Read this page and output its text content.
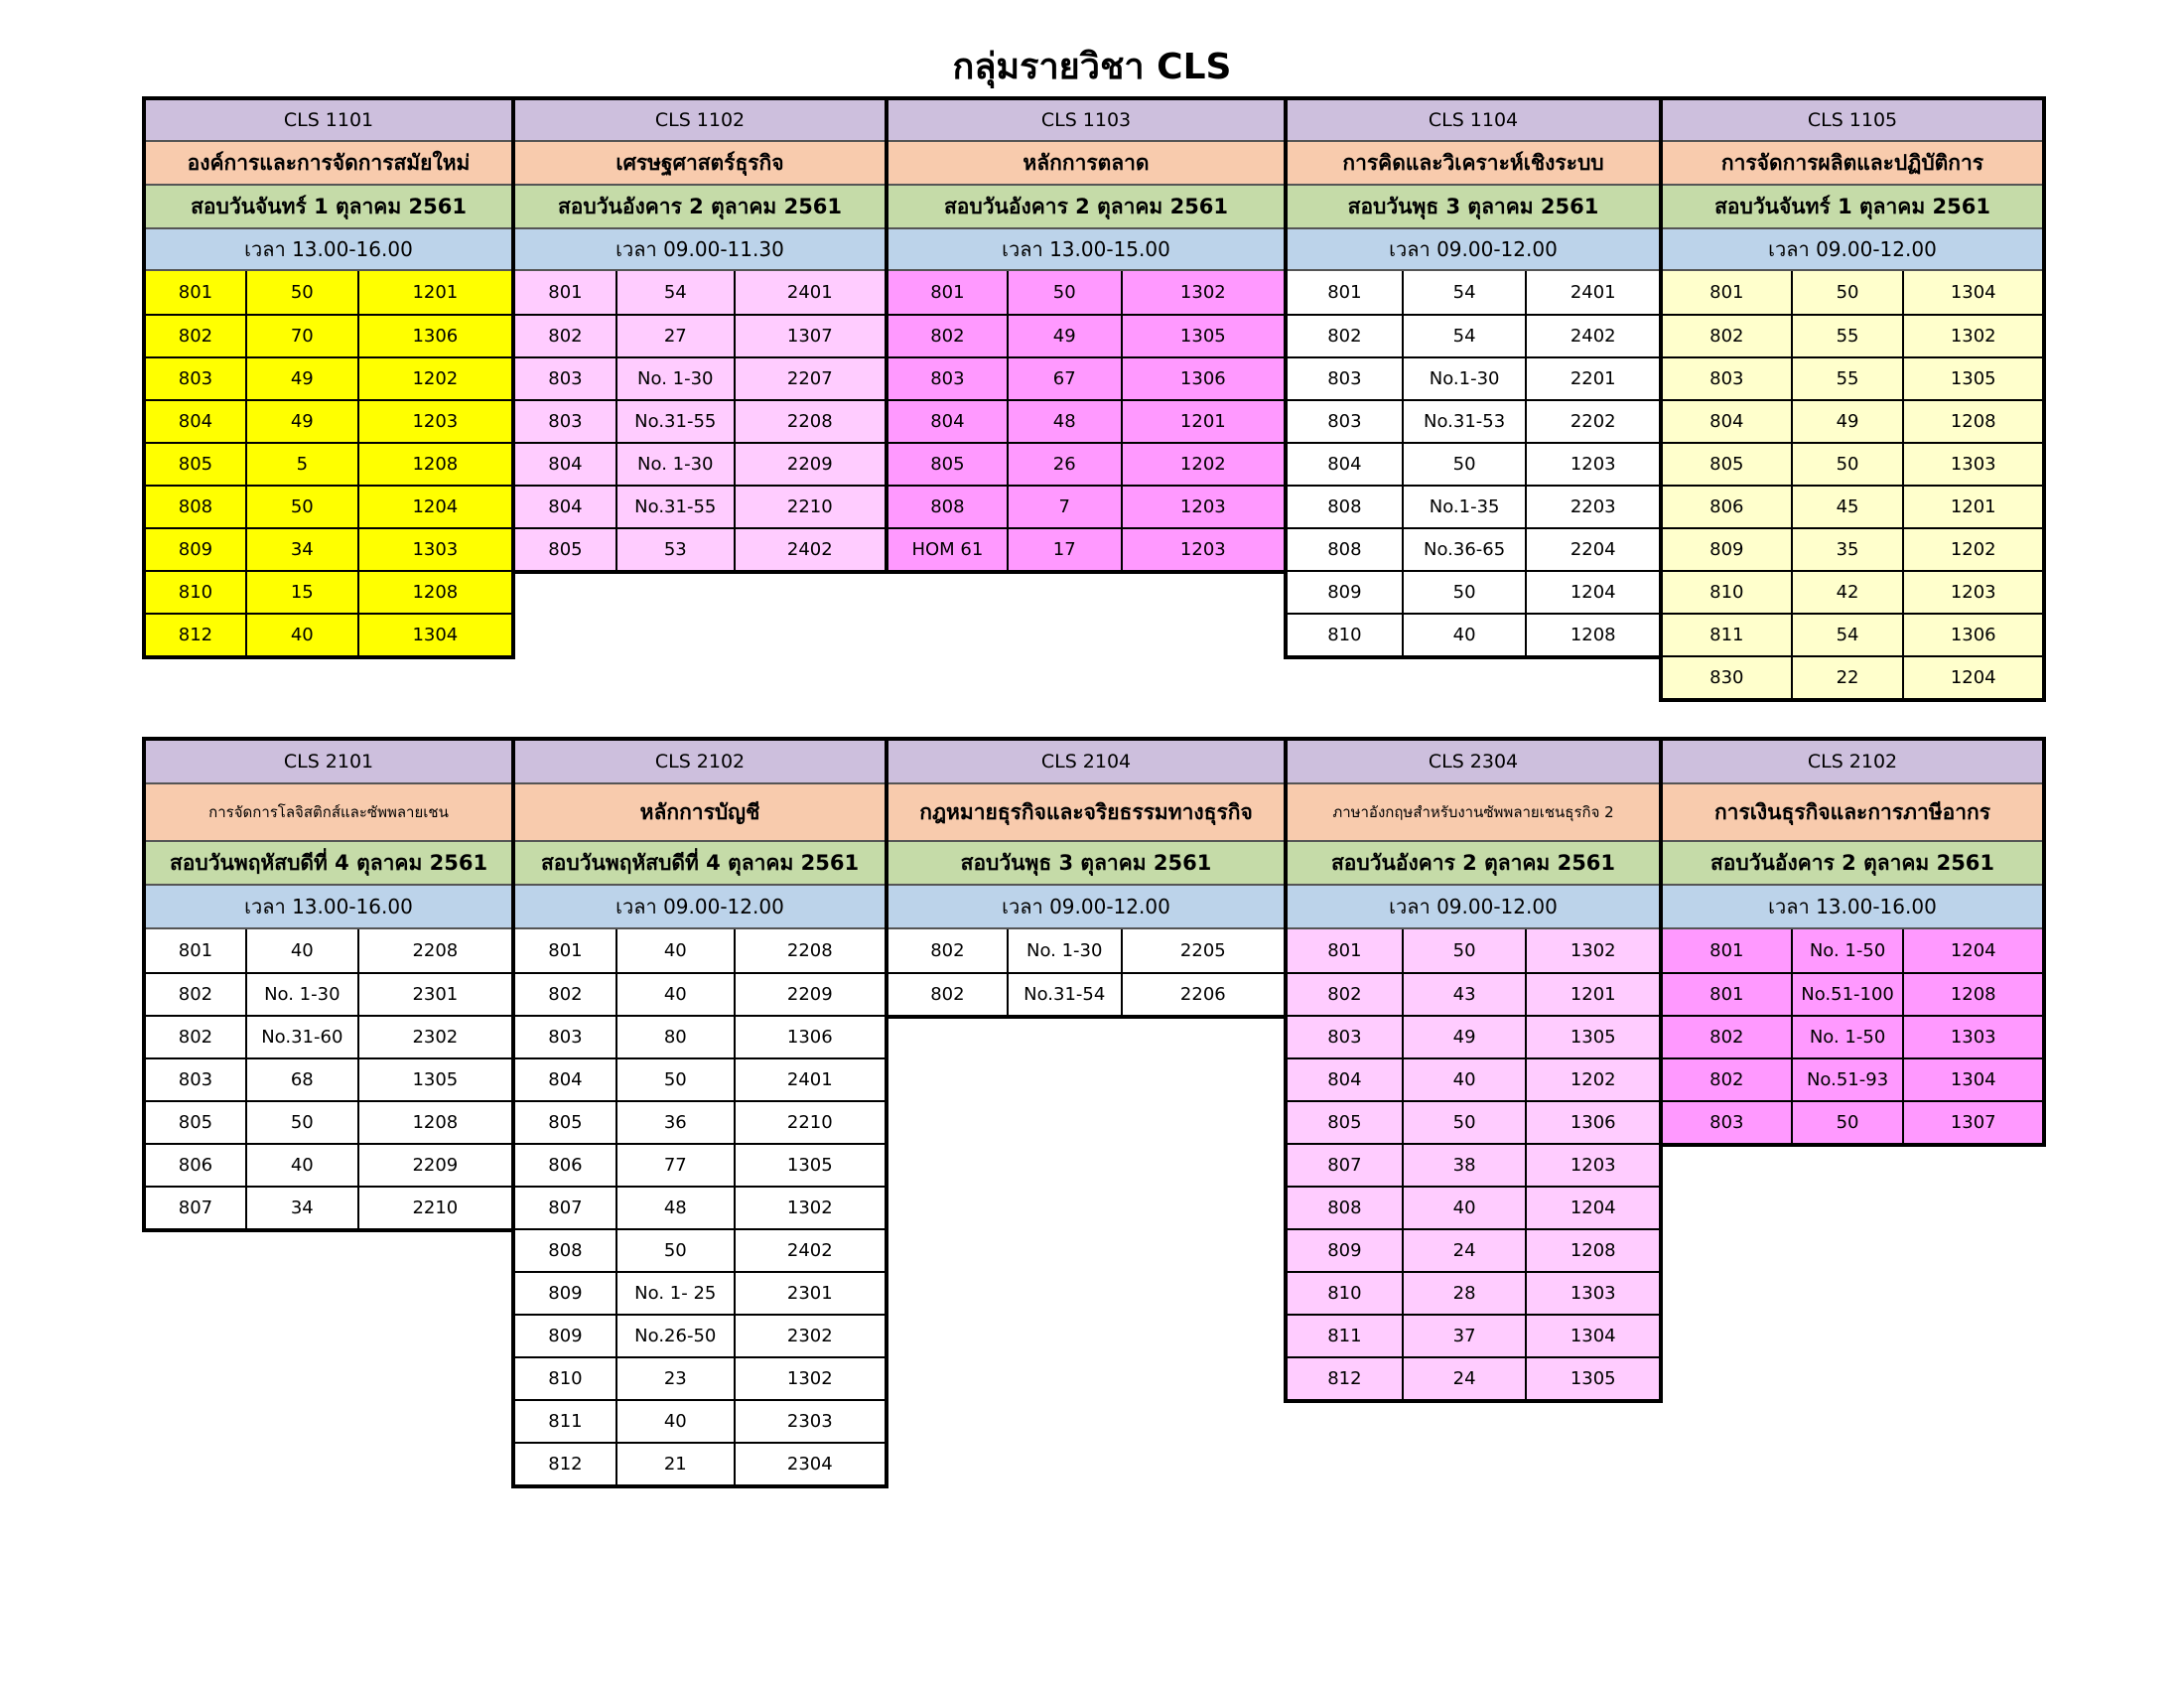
กลุ่มรายวิชา CLS
CLS 1101
องค์การและการจัดการสมัยใหม่
สอบวันจันทร์ 1 ตุลาคม 2561
เวลา 13.00-16.00
801	50	1201
802	70	1306
803	49	1202
804	49	1203
805	5	1208
808	50	1204
809	34	1303
810	15	1208
812	40	1304
CLS 1102
เศรษฐศาสตร์ธุรกิจ
สอบวันอังคาร 2 ตุลาคม 2561
เวลา 09.00-11.30
801	54	2401
802	27	1307
803	No. 1-30	2207
803	No.31-55	2208
804	No. 1-30	2209
804	No.31-55	2210
805	53	2402
CLS 1103
หลักการตลาด
สอบวันอังคาร 2 ตุลาคม 2561
เวลา 13.00-15.00
801	50	1302
802	49	1305
803	67	1306
804	48	1201
805	26	1202
808	7	1203
HOM 61	17	1203
CLS 1104
การคิดและวิเคราะห์เชิงระบบ
สอบวันพุธ 3 ตุลาคม 2561
เวลา 09.00-12.00
801	54	2401
802	54	2402
803	No.1-30	2201
803	No.31-53	2202
804	50	1203
808	No.1-35	2203
808	No.36-65	2204
809	50	1204
810	40	1208
CLS 1105
การจัดการผลิตและปฏิบัติการ
สอบวันจันทร์ 1 ตุลาคม 2561
เวลา 09.00-12.00
801	50	1304
802	55	1302
803	55	1305
804	49	1208
805	50	1303
806	45	1201
809	35	1202
810	42	1203
811	54	1306
830	22	1204
CLS 2101
การจัดการโลจิสติกส์และซัพพลายเชน
สอบวันพฤหัสบดีที่ 4 ตุลาคม 2561
เวลา 13.00-16.00
801	40	2208
802	No. 1-30	2301
802	No.31-60	2302
803	68	1305
805	50	1208
806	40	2209
807	34	2210
CLS 2102
หลักการบัญชี
สอบวันพฤหัสบดีที่ 4 ตุลาคม 2561
เวลา 09.00-12.00
801	40	2208
802	40	2209
803	80	1306
804	50	2401
805	36	2210
806	77	1305
807	48	1302
808	50	2402
809	No. 1- 25	2301
809	No.26-50	2302
810	23	1302
811	40	2303
812	21	2304
CLS 2104
กฎหมายธุรกิจและจริยธรรมทางธุรกิจ
สอบวันพุธ 3 ตุลาคม 2561
เวลา 09.00-12.00
802	No. 1-30	2205
802	No.31-54	2206
CLS 2304
ภาษาอังกฤษสำหรับงานซัพพลายเชนธุรกิจ 2
สอบวันอังคาร 2 ตุลาคม 2561
เวลา 09.00-12.00
801	50	1302
802	43	1201
803	49	1305
804	40	1202
805	50	1306
807	38	1203
808	40	1204
809	24	1208
810	28	1303
811	37	1304
812	24	1305
CLS 2102
การเงินธุรกิจและการภาษีอากร
สอบวันอังคาร 2 ตุลาคม 2561
เวลา 13.00-16.00
801	No. 1-50	1204
801	No.51-100	1208
802	No. 1-50	1303
802	No.51-93	1304
803	50	1307
